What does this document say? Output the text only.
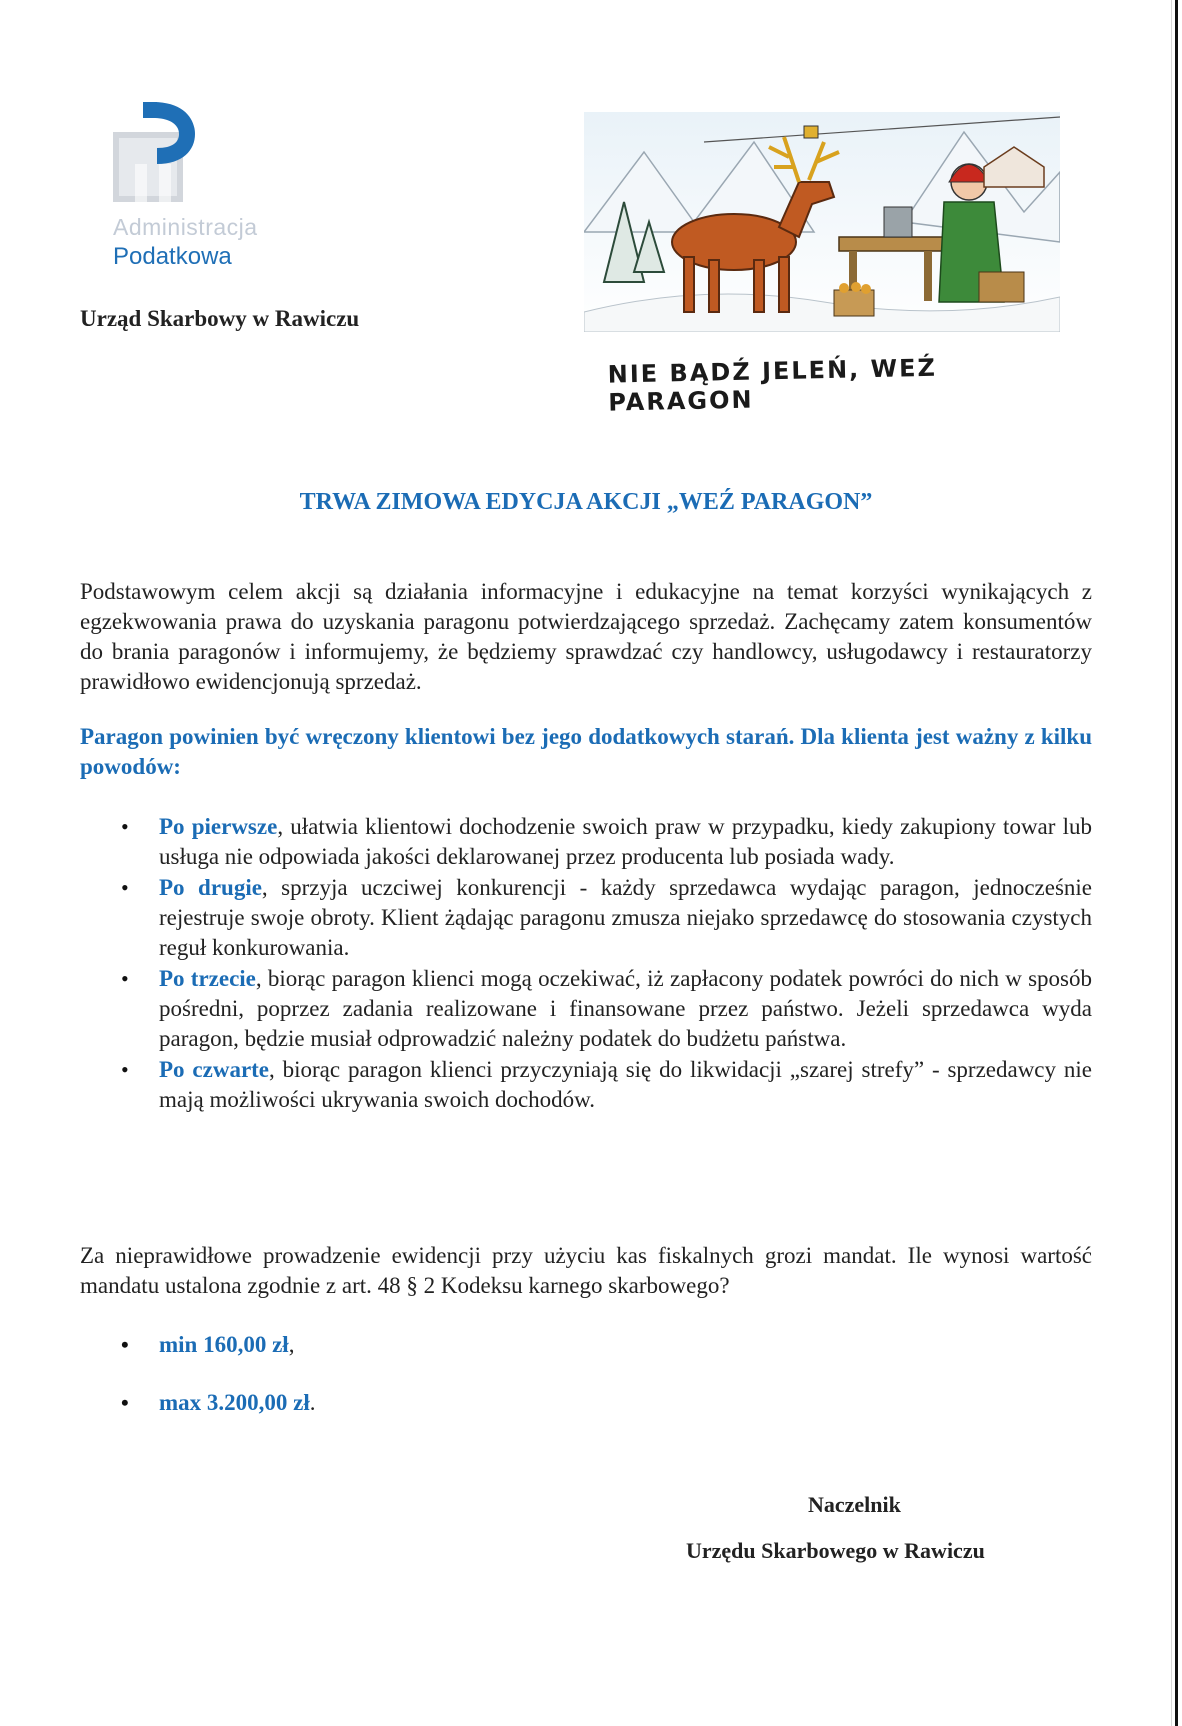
Administracja
Podatkowa
Urząd Skarbowy w Rawiczu
NIE BĄDŹ JELEŃ, WEŹ PARAGON
TRWA ZIMOWA EDYCJA AKCJI „WEŹ PARAGON”
Podstawowym celem akcji są działania informacyjne i edukacyjne na temat korzyści wynikających z egzekwowania prawa do uzyskania paragonu potwierdzającego sprzedaż. Zachęcamy zatem konsumentów do brania paragonów i informujemy, że będziemy sprawdzać czy handlowcy, usługodawcy i restauratorzy prawidłowo ewidencjonują sprzedaż.
Paragon powinien być wręczony klientowi bez jego dodatkowych starań. Dla klienta jest ważny z kilku powodów:
• Po pierwsze, ułatwia klientowi dochodzenie swoich praw w przypadku, kiedy zakupiony towar lub usługa nie odpowiada jakości deklarowanej przez producenta lub posiada wady.
• Po drugie, sprzyja uczciwej konkurencji - każdy sprzedawca wydając paragon, jednocześnie rejestruje swoje obroty. Klient żądając paragonu zmusza niejako sprzedawcę do stosowania czystych reguł konkurowania.
• Po trzecie, biorąc paragon klienci mogą oczekiwać, iż zapłacony podatek powróci do nich w sposób pośredni, poprzez zadania realizowane i finansowane przez państwo. Jeżeli sprzedawca wyda paragon, będzie musiał odprowadzić należny podatek do budżetu państwa.
• Po czwarte, biorąc paragon klienci przyczyniają się do likwidacji „szarej strefy” - sprzedawcy nie mają możliwości ukrywania swoich dochodów.
Za nieprawidłowe prowadzenie ewidencji przy użyciu kas fiskalnych grozi mandat. Ile wynosi wartość mandatu ustalona zgodnie z art. 48 § 2 Kodeksu karnego skarbowego?
• min 160,00 zł,
• max 3.200,00 zł.
Naczelnik
Urzędu Skarbowego w Rawiczu
